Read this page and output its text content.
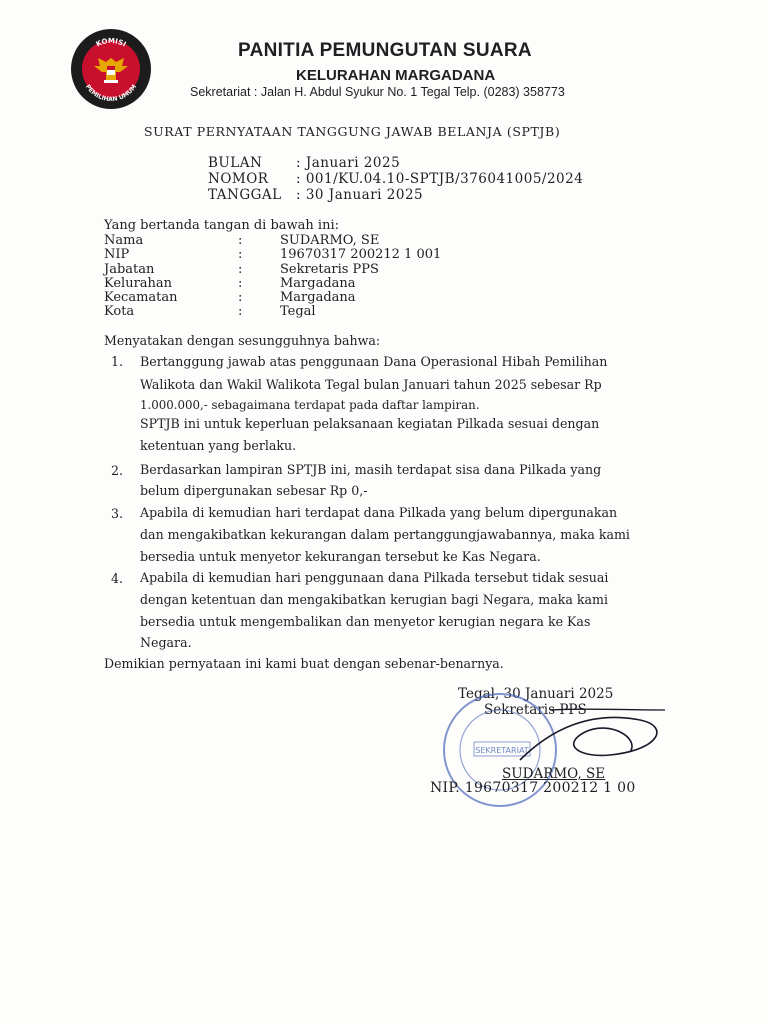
KOMISI
PEMILIHAN UMUM
PANITIA PEMUNGUTAN SUARA
KELURAHAN MARGADANA
Sekretariat : Jalan H. Abdul Syukur No. 1 Tegal Telp. (0283) 358773
SURAT PERNYATAAN TANGGUNG JAWAB BELANJA (SPTJB)
BULAN : Januari 2025
NOMOR : 001/KU.04.10-SPTJB/376041005/2024
TANGGAL : 30 Januari 2025
Yang bertanda tangan di bawah ini:
Nama	:	SUDARMO, SE
NIP	:	19670317 200212 1 001
Jabatan	:	Sekretaris PPS
Kelurahan	:	Margadana
Kecamatan	:	Margadana
Kota	:	Tegal
Menyatakan dengan sesungguhnya bahwa:
1. Bertanggung jawab atas penggunaan Dana Operasional Hibah Pemilihan
Walikota dan Wakil Walikota Tegal bulan Januari tahun 2025 sebesar Rp
1.000.000,- sebagaimana terdapat pada daftar lampiran.
SPTJB ini untuk keperluan pelaksanaan kegiatan Pilkada sesuai dengan
ketentuan yang berlaku.
2. Berdasarkan lampiran SPTJB ini, masih terdapat sisa dana Pilkada yang
belum dipergunakan sebesar Rp 0,-
3. Apabila di kemudian hari terdapat dana Pilkada yang belum dipergunakan
dan mengakibatkan kekurangan dalam pertanggungjawabannya, maka kami
bersedia untuk menyetor kekurangan tersebut ke Kas Negara.
4. Apabila di kemudian hari penggunaan dana Pilkada tersebut tidak sesuai
dengan ketentuan dan mengakibatkan kerugian bagi Negara, maka kami
bersedia untuk mengembalikan dan menyetor kerugian negara ke Kas
Negara.
Demikian pernyataan ini kami buat dengan sebenar-benarnya.
Tegal, 30 Januari 2025
Sekretaris PPS
SEKRETARIAT
SUDARMO, SE
NIP. 19670317 200212 1 00
